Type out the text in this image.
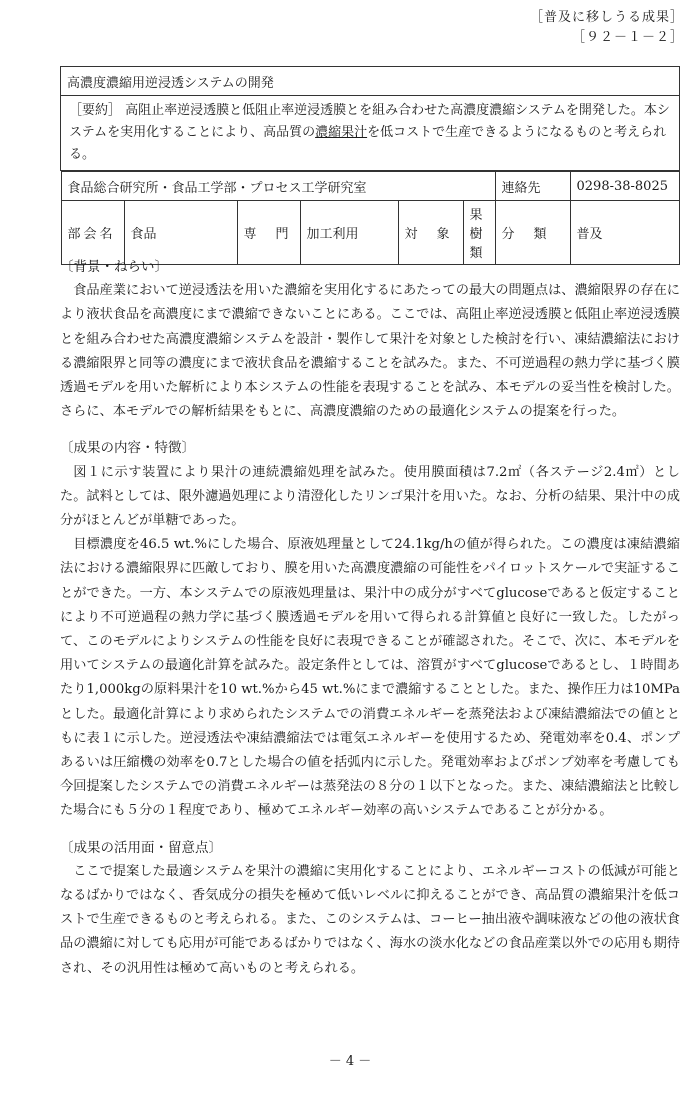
［普及に移しうる成果］
［９２－１－２］
高濃度濃縮用逆浸透システムの開発
［要約］ 高阻止率逆浸透膜と低阻止率逆浸透膜とを組み合わせた高濃度濃縮システムを開発した。本システムを実用化することにより、高品質の濃縮果汁を低コストで生産できるようになるものと考えられる。

食品総合研究所・食品工学部・プロセス工学研究室	連絡先	0298-38-8025
部会名	食品	専　門	加工利用	対　象	果樹類	分　類	普及

〔背景・ねらい〕

食品産業において逆浸透法を用いた濃縮を実用化するにあたっての最大の問題点は、濃縮限界の存在により液状食品を高濃度にまで濃縮できないことにある。ここでは、高阻止率逆浸透膜と低阻止率逆浸透膜とを組み合わせた高濃度濃縮システムを設計・製作して果汁を対象とした検討を行い、凍結濃縮法における濃縮限界と同等の濃度にまで液状食品を濃縮することを試みた。また、不可逆過程の熱力学に基づく膜透過モデルを用いた解析により本システムの性能を表現することを試み、本モデルの妥当性を検討した。さらに、本モデルでの解析結果をもとに、高濃度濃縮のための最適化システムの提案を行った。

〔成果の内容・特徴〕

図１に示す装置により果汁の連続濃縮処理を試みた。使用膜面積は7.2㎡（各ステージ2.4㎡）とした。試料としては、限外濾過処理により清澄化したリンゴ果汁を用いた。なお、分析の結果、果汁中の成分がほとんどが単糖であった。

目標濃度を46.5 wt.%にした場合、原液処理量として24.1kg/hの値が得られた。この濃度は凍結濃縮法における濃縮限界に匹敵しており、膜を用いた高濃度濃縮の可能性をパイロットスケールで実証することができた。一方、本システムでの原液処理量は、果汁中の成分がすべてglucoseであると仮定することにより不可逆過程の熱力学に基づく膜透過モデルを用いて得られる計算値と良好に一致した。したがって、このモデルによりシステムの性能を良好に表現できることが確認された。そこで、次に、本モデルを用いてシステムの最適化計算を試みた。設定条件としては、溶質がすべてglucoseであるとし、１時間あたり1,000kgの原料果汁を10 wt.%から45 wt.%にまで濃縮することとした。また、操作圧力は10MPaとした。最適化計算により求められたシステムでの消費エネルギーを蒸発法および凍結濃縮法での値とともに表１に示した。逆浸透法や凍結濃縮法では電気エネルギーを使用するため、発電効率を0.4、ポンプあるいは圧縮機の効率を0.7とした場合の値を括弧内に示した。発電効率およびポンプ効率を考慮しても今回提案したシステムでの消費エネルギーは蒸発法の８分の１以下となった。また、凍結濃縮法と比較した場合にも５分の１程度であり、極めてエネルギー効率の高いシステムであることが分かる。

〔成果の活用面・留意点〕

ここで提案した最適システムを果汁の濃縮に実用化することにより、エネルギーコストの低減が可能となるばかりではなく、香気成分の損失を極めて低いレベルに抑えることができ、高品質の濃縮果汁を低コストで生産できるものと考えられる。また、このシステムは、コーヒー抽出液や調味液などの他の液状食品の濃縮に対しても応用が可能であるばかりではなく、海水の淡水化などの食品産業以外での応用も期待され、その汎用性は極めて高いものと考えられる。

－ 4 －
